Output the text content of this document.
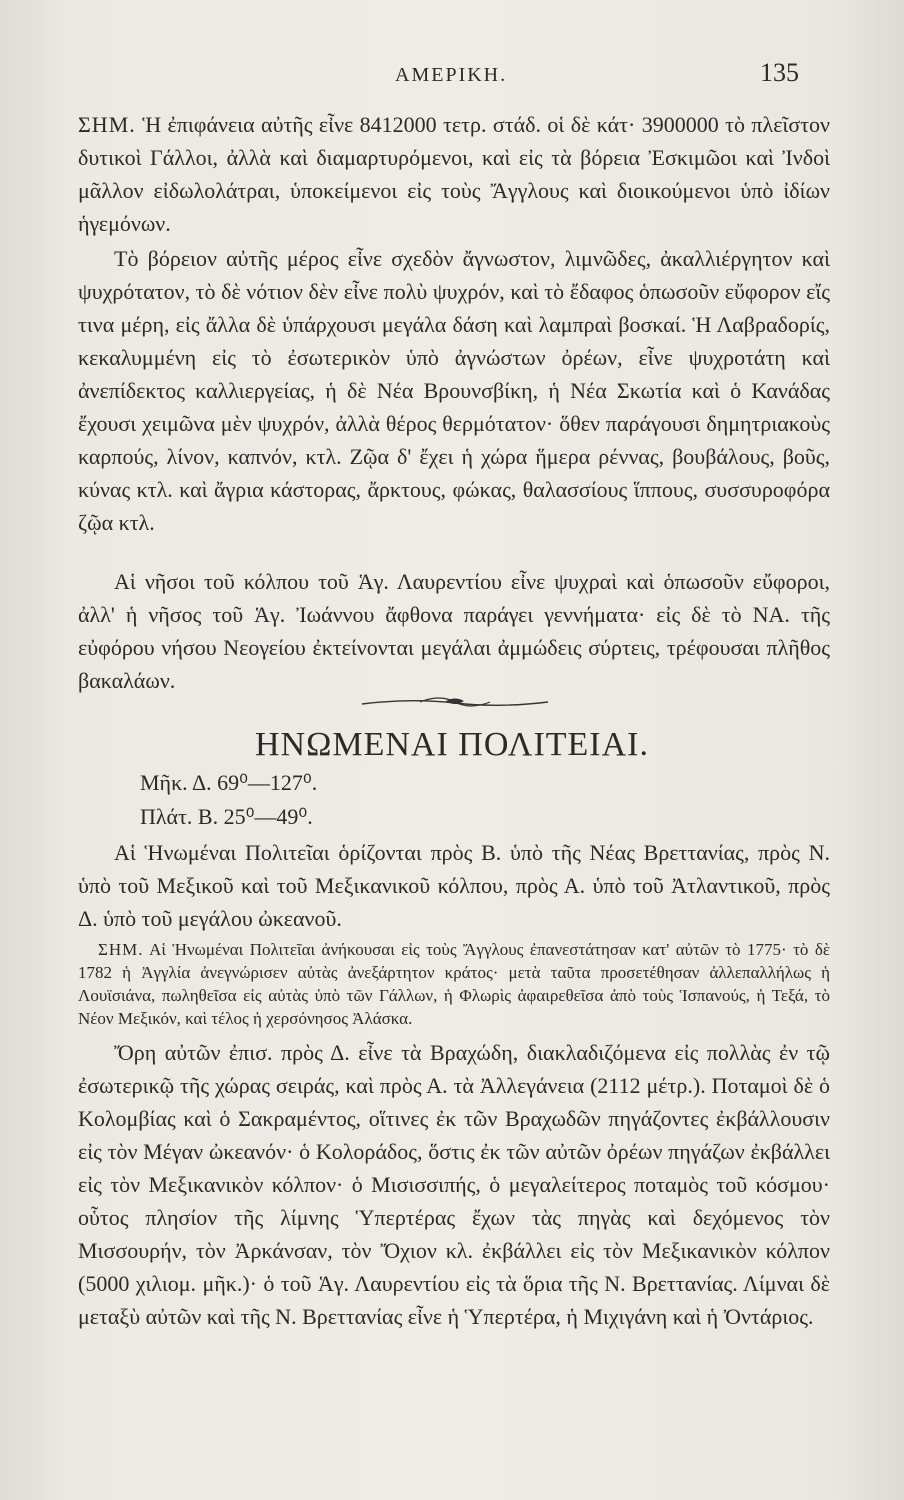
ΑΜΕΡΙΚΗ.	135

ΣΗΜ. Ἡ ἐπιφάνεια αὐτῆς εἶνε 8412000 τετρ. στάδ. οἱ δὲ κάτ· 3900000 τὸ πλεῖστον δυτικοὶ Γάλλοι, ἀλλὰ καὶ διαμαρτυρόμενοι, καὶ εἰς τὰ βόρεια Ἐσκιμῶοι καὶ Ἰνδοὶ μᾶλλον εἰδωλολάτραι, ὑποκείμενοι εἰς τοὺς Ἄγγλους καὶ διοικούμενοι ὑπὸ ἰδίων ἡγεμόνων.

Τὸ βόρειον αὐτῆς μέρος εἶνε σχεδὸν ἄγνωστον, λιμνῶδες, ἀκαλλιέργητον καὶ ψυχρότατον, τὸ δὲ νότιον δὲν εἶνε πολὺ ψυχρόν, καὶ τὸ ἔδαφος ὁπωσοῦν εὔφορον εἴς τινα μέρη, εἰς ἄλλα δὲ ὑπάρχουσι μεγάλα δάση καὶ λαμπραὶ βοσκαί. Ἡ Λαβραδορίς, κεκαλυμμένη εἰς τὸ ἐσωτερικὸν ὑπὸ ἀγνώστων ὀρέων, εἶνε ψυχροτάτη καὶ ἀνεπίδεκτος καλλιεργείας, ἡ δὲ Νέα Βρουνσβίκη, ἡ Νέα Σκωτία καὶ ὁ Κανάδας ἔχουσι χειμῶνα μὲν ψυχρόν, ἀλλὰ θέρος θερμότατον· ὅθεν παράγουσι δημητριακοὺς καρπούς, λίνον, καπνόν, κτλ. Ζῷα δ' ἔχει ἡ χώρα ἥμερα ρέννας, βουβάλους, βοῦς, κύνας κτλ. καὶ ἄγρια κάστορας, ἄρκτους, φώκας, θαλασσίους ἵππους, συσσυροφόρα ζῷα κτλ.

Αἱ νῆσοι τοῦ κόλπου τοῦ Ἁγ. Λαυρεντίου εἶνε ψυχραὶ καὶ ὁπωσοῦν εὔφοροι, ἀλλ' ἡ νῆσος τοῦ Ἁγ. Ἰωάννου ἄφθονα παράγει γεννήματα· εἰς δὲ τὸ ΝΑ. τῆς εὐφόρου νήσου Νεογείου ἐκτείνονται μεγάλαι ἀμμώδεις σύρτεις, τρέφουσαι πλῆθος βακαλάων.

ΗΝΩΜΕΝΑΙ ΠΟΛΙΤΕΙΑΙ.
Μῆκ. Δ. 69⁰—127⁰.
Πλάτ. Β. 25⁰—49⁰.

Αἱ Ἡνωμέναι Πολιτεῖαι ὁρίζονται πρὸς Β. ὑπὸ τῆς Νέας Βρεττανίας, πρὸς Ν. ὑπὸ τοῦ Μεξικοῦ καὶ τοῦ Μεξικανικοῦ κόλπου, πρὸς Α. ὑπὸ τοῦ Ἀτλαντικοῦ, πρὸς Δ. ὑπὸ τοῦ μεγάλου ὠκεανοῦ.

ΣΗΜ. Αἱ Ἡνωμέναι Πολιτεῖαι ἀνήκουσαι εἰς τοὺς Ἄγγλους ἐπανεστάτησαν κατ' αὐτῶν τὸ 1775· τὸ δὲ 1782 ἡ Ἀγγλία ἀνεγνώρισεν αὐτὰς ἀνεξάρτητον κράτος· μετὰ ταῦτα προσετέθησαν ἀλλεπαλλήλως ἡ Λουϊσιάνα, πωληθεῖσα εἰς αὐτὰς ὑπὸ τῶν Γάλλων, ἡ Φλωρὶς ἀφαιρεθεῖσα ἀπὸ τοὺς Ἱσπανούς, ἡ Τεξά, τὸ Νέον Μεξικόν, καὶ τέλος ἡ χερσόνησος Ἀλάσκα.

Ὄρη αὐτῶν ἐπισ. πρὸς Δ. εἶνε τὰ Βραχώδη, διακλαδιζόμενα εἰς πολλὰς ἐν τῷ ἐσωτερικῷ τῆς χώρας σειράς, καὶ πρὸς Α. τὰ Ἀλλεγάνεια (2112 μέτρ.). Ποταμοὶ δὲ ὁ Κολομβίας καὶ ὁ Σακραμέντος, οἵτινες ἐκ τῶν Βραχωδῶν πηγάζοντες ἐκβάλλουσιν εἰς τὸν Μέγαν ὠκεανόν· ὁ Κολοράδος, ὅστις ἐκ τῶν αὐτῶν ὀρέων πηγάζων ἐκβάλλει εἰς τὸν Μεξικανικὸν κόλπον· ὁ Μισισσιπής, ὁ μεγαλείτερος ποταμὸς τοῦ κόσμου· οὗτος πλησίον τῆς λίμνης Ὑπερτέρας ἔχων τὰς πηγὰς καὶ δεχόμενος τὸν Μισσουρήν, τὸν Ἀρκάνσαν, τὸν Ὄχιον κλ. ἐκβάλλει εἰς τὸν Μεξικανικὸν κόλπον (5000 χιλιομ. μῆκ.)· ὁ τοῦ Ἁγ. Λαυρεντίου εἰς τὰ ὅρια τῆς Ν. Βρεττανίας. Λίμναι δὲ μεταξὺ αὐτῶν καὶ τῆς Ν. Βρεττανίας εἶνε ἡ Ὑπερτέρα, ἡ Μιχιγάνη καὶ ἡ Ὀντάριος.
